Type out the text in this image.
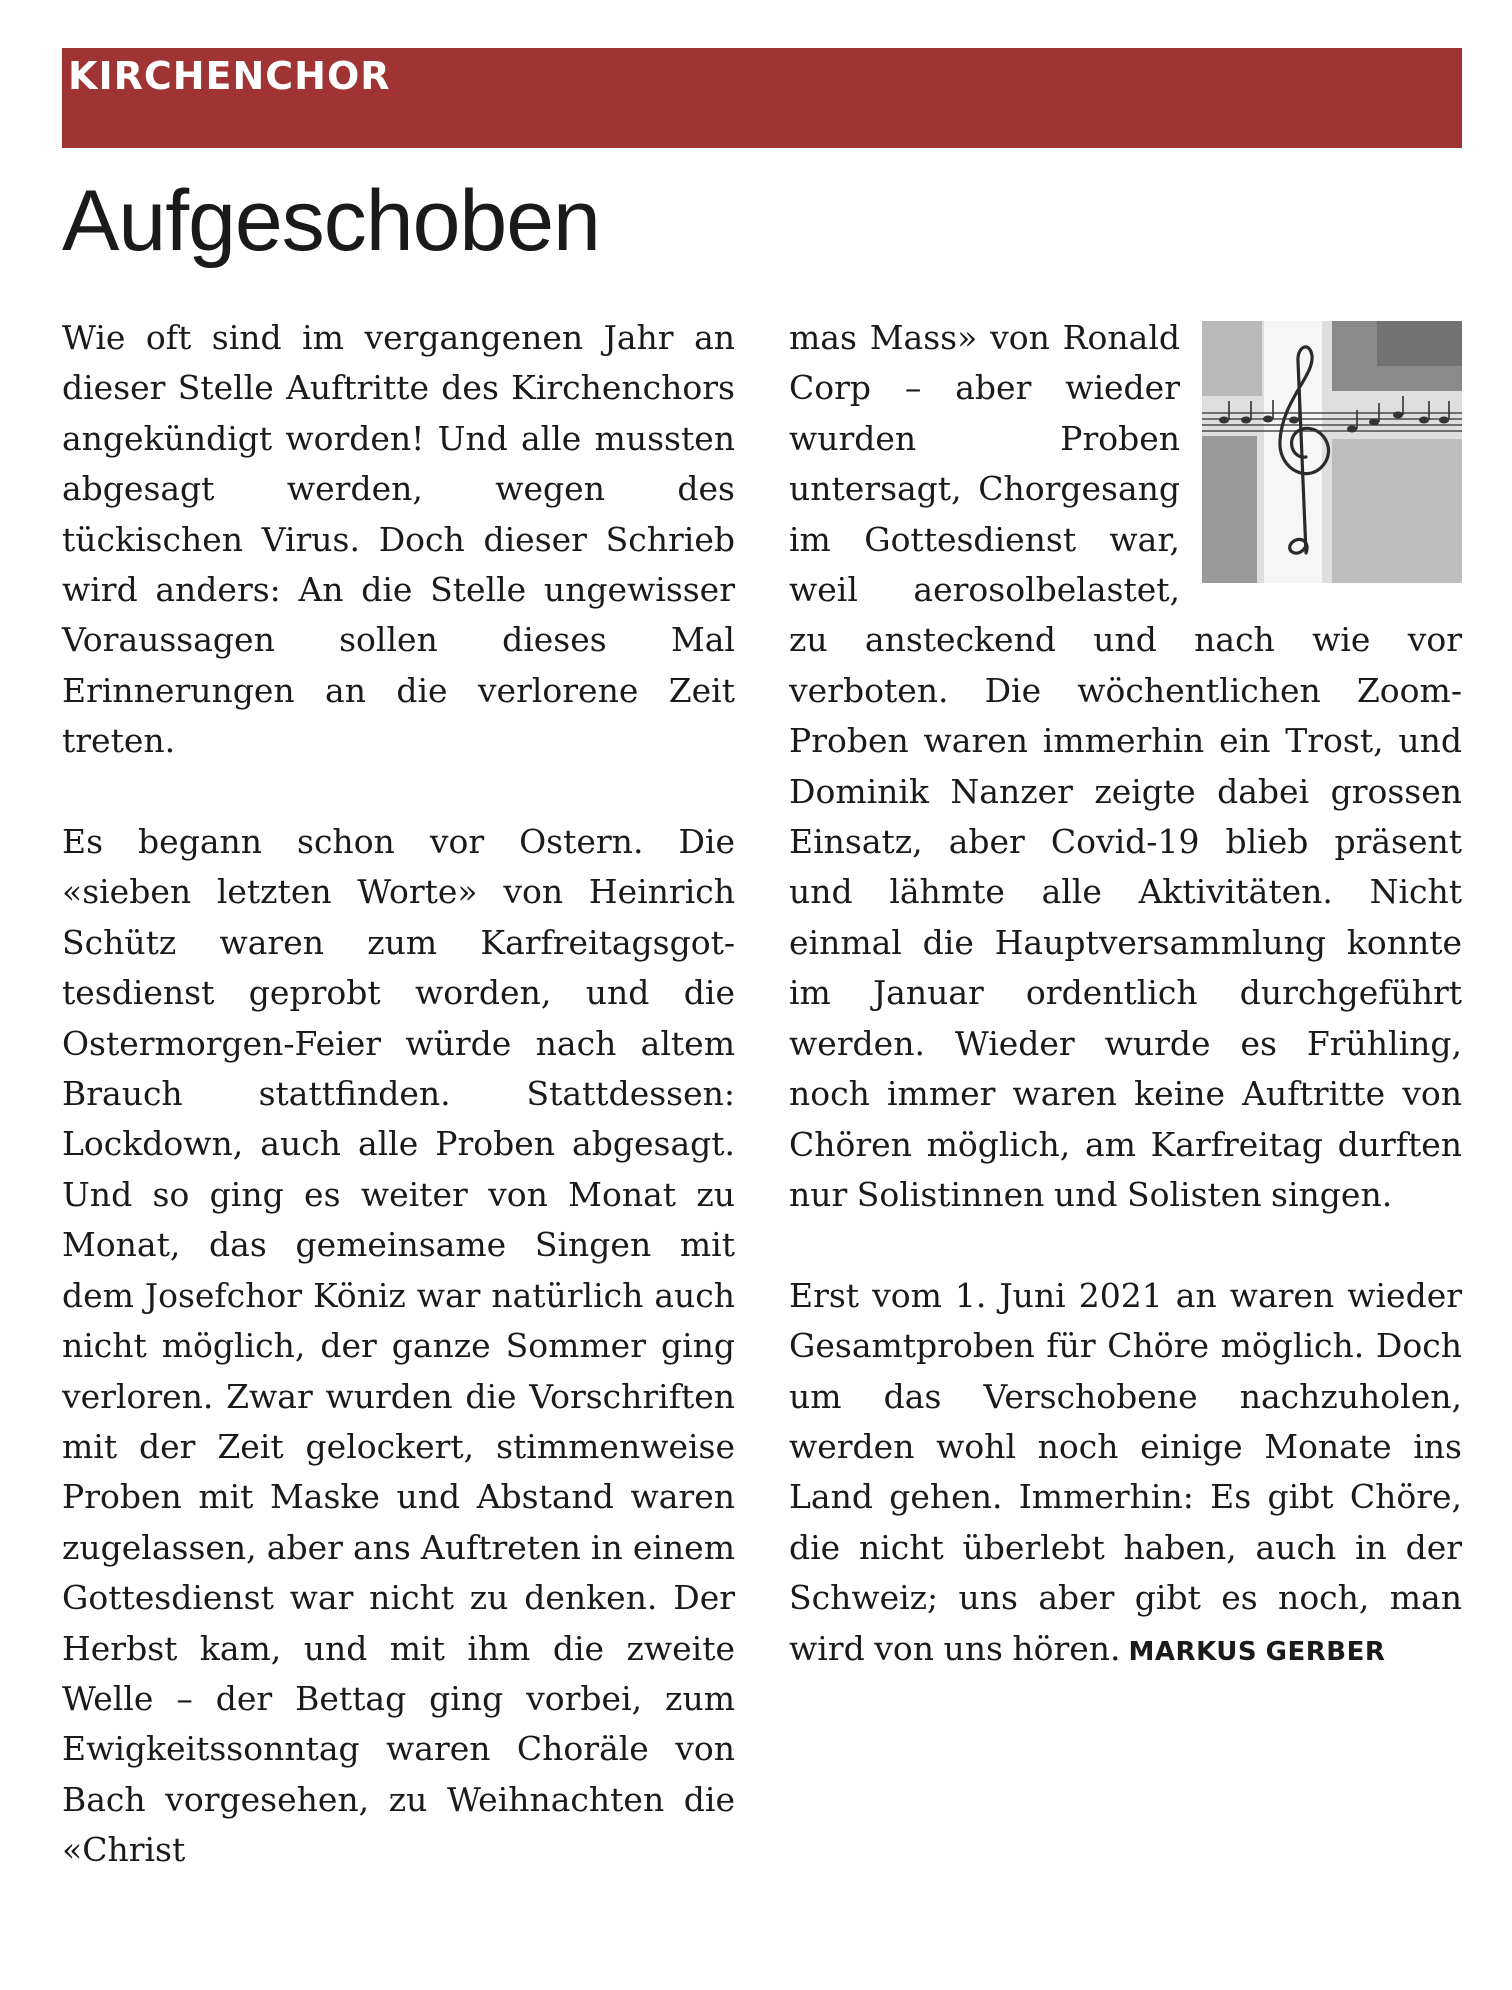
KIRCHENCHOR
Aufgeschoben

Wie oft sind im vergangenen Jahr an dieser Stelle Auftritte des Kirchenchors angekündigt worden! Und alle mussten abgesagt werden, wegen des tückischen Virus. Doch dieser Schrieb wird anders: An die Stelle ungewisser Voraussagen sollen dieses Mal Erinnerungen an die verlorene Zeit treten.

Es begann schon vor Ostern. Die «sieben letzten Worte» von Heinrich Schütz waren zum Karfreitagsgottesdienst geprobt worden, und die Ostermorgen-Feier würde nach altem Brauch stattfinden. Stattdessen: Lockdown, auch alle Proben abgesagt. Und so ging es weiter von Monat zu Monat, das gemeinsame Singen mit dem Josefchor Köniz war natürlich auch nicht möglich, der ganze Sommer ging verloren. Zwar wurden die Vorschriften mit der Zeit gelockert, stimmenweise Proben mit Maske und Abstand waren zugelassen, aber ans Auftreten in einem Gottesdienst war nicht zu denken. Der Herbst kam, und mit ihm die zweite Welle – der Bettag ging vorbei, zum Ewigkeitssonntag waren Choräle von Bach vorgesehen, zu Weihnachten die «Christ

mas Mass» von Ronald Corp – aber wieder wurden Proben untersagt, Chorgesang im Gottesdienst war, weil aerosolbelastet, zu ansteckend und nach wie vor verboten. Die wöchentlichen Zoom-Proben waren immerhin ein Trost, und Dominik Nanzer zeigte dabei grossen Einsatz, aber Covid-19 blieb präsent und lähmte alle Aktivitäten. Nicht einmal die Hauptversammlung konnte im Januar ordentlich durchgeführt werden. Wieder wurde es Frühling, noch immer waren keine Auftritte von Chören möglich, am Karfreitag durften nur Solistinnen und Solisten singen.

Erst vom 1. Juni 2021 an waren wieder Gesamtproben für Chöre möglich. Doch um das Verschobene nachzuholen, werden wohl noch einige Monate ins Land gehen. Immerhin: Es gibt Chöre, die nicht überlebt haben, auch in der Schweiz; uns aber gibt es noch, man wird von uns hören. MARKUS GERBER
